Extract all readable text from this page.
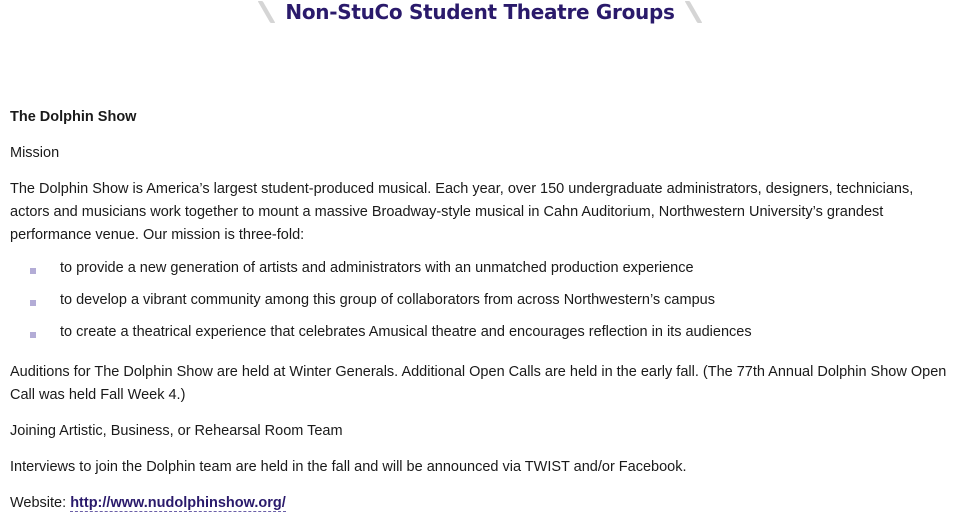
Non-StuCo Student Theatre Groups

The Dolphin Show

Mission

The Dolphin Show is America’s largest student-produced musical. Each year, over 150 undergraduate administrators, designers, technicians, actors and musicians work together to mount a massive Broadway-style musical in Cahn Auditorium, Northwestern University’s grandest performance venue. Our mission is three-fold:

to provide a new generation of artists and administrators with an unmatched production experience
to develop a vibrant community among this group of collaborators from across Northwestern’s campus
to create a theatrical experience that celebrates Amusical theatre and encourages reflection in its audiences

Auditions for The Dolphin Show are held at Winter Generals. Additional Open Calls are held in the early fall. (The 77th Annual Dolphin Show Open Call was held Fall Week 4.)

Joining Artistic, Business, or Rehearsal Room Team

Interviews to join the Dolphin team are held in the fall and will be announced via TWIST and/or Facebook.

Website: http://www.nudolphinshow.org/
